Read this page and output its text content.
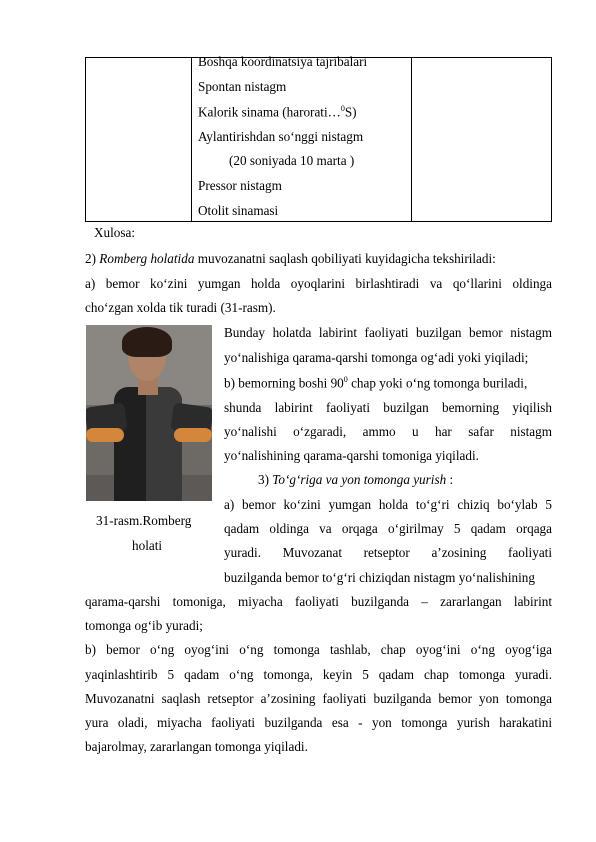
Boshqa koordinatsiya tajribalari
Spontan nistagm
Kalorik sinama (harorati…$^0$S)
Aylantirishdan so‘nggi nistagm
(20 soniyada 10 marta )
Pressor nistagm
Otolit sinamasi
Xulosa:
2) Romberg holatida muvozanatni saqlash qobiliyati kuyidagicha tekshiriladi:
a) bemor ko‘zini yumgan holda oyoqlarini birlashtiradi va qo‘llarini oldinga
cho‘zgan xolda tik turadi (31-rasm).
Bunday holatda labirint faoliyati buzilgan bemor nistagm
yo‘nalishiga qarama-qarshi tomonga og‘adi yoki yiqiladi;
b) bemorning boshi $90^0$ chap yoki o‘ng tomonga buriladi,
shunda labirint faoliyati buzilgan bemorning yiqilish
yo‘nalishi o‘zgaradi, ammo u har safar nistagm
yo‘nalishining qarama-qarshi tomoniga yiqiladi.
3) To‘g‘riga va yon tomonga yurish :
a) bemor ko‘zini yumgan holda to‘g‘ri chiziq bo‘ylab 5
qadam oldinga va orqaga o‘girilmay 5 qadam orqaga
yuradi. Muvozanat retseptor a’zosining faoliyati
buzilganda bemor to‘g‘ri chiziqdan nistagm yo‘nalishining
31-rasm.Romberg
holati
qarama-qarshi tomoniga, miyacha faoliyati buzilganda – zararlangan labirint
tomonga og‘ib yuradi;
b) bemor o‘ng oyog‘ini o‘ng tomonga tashlab, chap oyog‘ini o‘ng oyog‘iga
yaqinlashtirib 5 qadam o‘ng tomonga, keyin 5 qadam chap tomonga yuradi.
Muvozanatni saqlash retseptor a’zosining faoliyati buzilganda bemor yon tomonga
yura oladi, miyacha faoliyati buzilganda esa - yon tomonga yurish harakatini
bajarolmay, zararlangan tomonga yiqiladi.
